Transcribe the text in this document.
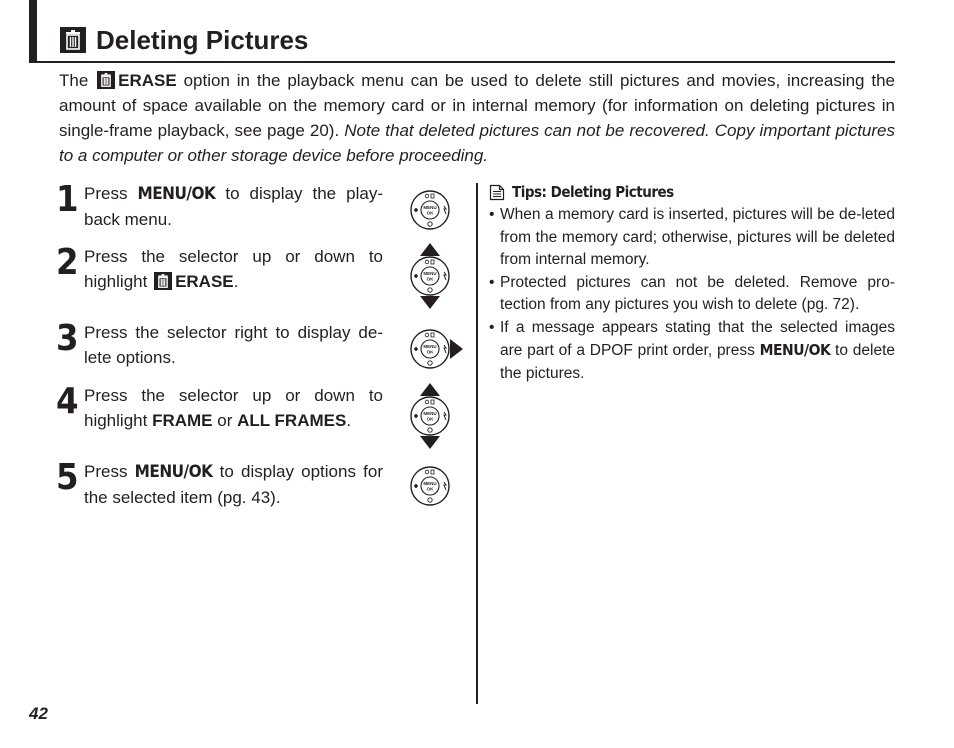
Deleting Pictures
The
ERASE option in the playback menu can be used to delete still pictures and movies, increasing the amount of space available on the memory card or in internal memory (for information on deleting pictures in single-frame playback, see page 20). Note that deleted pictures can not be recovered. Copy important pictures to a computer or other storage device before proceeding.
1 Press MENU/OK to display the play-back menu.
MENU
OK
2 Press the selector up or down to highlight
ERASE.	MENU
OK
3 Press the selector right to display de-lete options.
MENU
OK
4 Press the selector up or down to highlight FRAME or ALL FRAMES.	MENU
OK
5 Press MENU/OK to display options for the selected item (pg. 43).
MENU
OK
Tips: Deleting Pictures
• When a memory card is inserted, pictures will be de-leted from the memory card; otherwise, pictures will be deleted from internal memory.
• Protected pictures can not be deleted. Remove pro-tection from any pictures you wish to delete (pg. 72).
• If a message appears stating that the selected images are part of a DPOF print order, press MENU/OK to delete the pictures.
42
